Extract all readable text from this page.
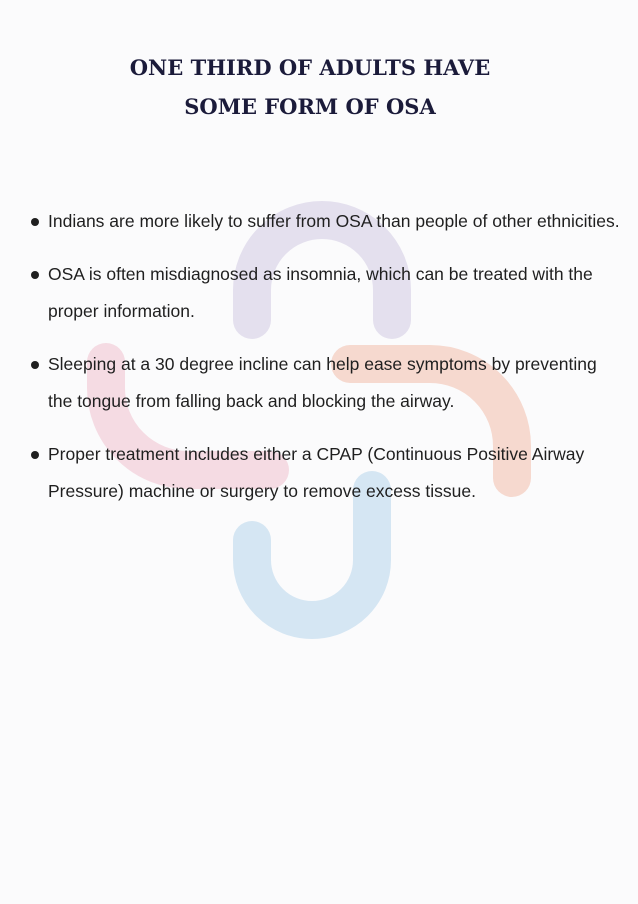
ONE THIRD OF ADULTS HAVE
SOME FORM OF OSA
Indians are more likely to suffer from OSA than people of other ethnicities.
OSA is often misdiagnosed as insomnia, which can be treated with the proper information.
Sleeping at a 30 degree incline can help ease symptoms by preventing the tongue from falling back and blocking the airway.
Proper treatment includes either a CPAP (Continuous Positive Airway Pressure) machine or surgery to remove excess tissue.
